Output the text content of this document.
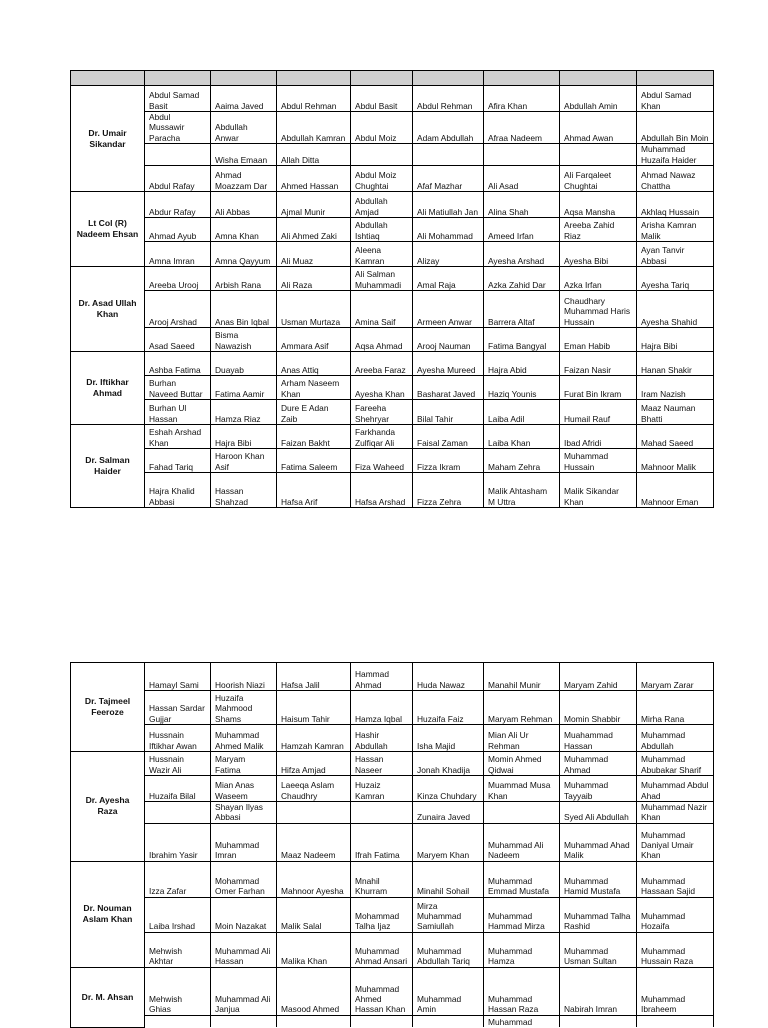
Dr. Umair Sikandar	Abdul Samad Basit	Aaima Javed	Abdul Rehman	Abdul Basit	Abdul Rehman	Afira Khan	Abdullah Amin	Abdul Samad Khan
	Abdul Mussawir Paracha	Abdullah Anwar	Abdullah Kamran	Abdul Moiz	Adam Abdullah	Afraa Nadeem	Ahmad Awan	Abdullah Bin Moin
		Wisha Emaan	Allah Ditta					Muhammad Huzaifa Haider
	Abdul Rafay	Ahmad Moazzam Dar	Ahmed Hassan	Abdul Moiz Chughtai	Afaf Mazhar	Ali Asad	Ali Farqaleet Chughtai	Ahmad Nawaz Chattha
Lt Col (R) Nadeem Ehsan	Abdur Rafay	Ali Abbas	Ajmal Munir	Abdullah Amjad	Ali Matiullah Jan	Alina Shah	Aqsa Mansha	Akhlaq Hussain
	Ahmad Ayub	Amna Khan	Ali Ahmed Zaki	Abdullah Ishtiaq	Ali Mohammad	Ameed Irfan	Areeba Zahid Riaz	Arisha Kamran Malik
	Amna Imran	Amna Qayyum	Ali Muaz	Aleena Kamran	Alizay	Ayesha Arshad	Ayesha Bibi	Ayan Tanvir Abbasi
Dr. Asad Ullah Khan	Areeba Urooj	Arbish Rana	Ali Raza	Ali Salman Muhammadi	Amal Raja	Azka Zahid Dar	Azka Irfan	Ayesha Tariq
	Arooj Arshad	Anas Bin Iqbal	Usman Murtaza	Amina Saif	Armeen Anwar	Barrera Altaf	Chaudhary Muhammad Haris Hussain	Ayesha Shahid
	Asad Saeed	Bisma Nawazish	Ammara Asif	Aqsa Ahmad	Arooj Nauman	Fatima Bangyal	Eman Habib	Hajra Bibi
Dr. Iftikhar Ahmad	Ashba Fatima	Duayab	Anas Attiq	Areeba Faraz	Ayesha Mureed	Hajra Abid	Faizan Nasir	Hanan Shakir
	Burhan Naveed Buttar	Fatima Aamir	Arham Naseem Khan	Ayesha Khan	Basharat Javed	Haziq Younis	Furat Bin Ikram	Iram Nazish
	Burhan Ul Hassan	Hamza Riaz	Dure E Adan Zaib	Fareeha Shehryar	Bilal Tahir	Laiba Adil	Humail Rauf	Maaz Nauman Bhatti
Dr. Salman Haider	Eshah Arshad Khan	Hajra Bibi	Faizan Bakht	Farkhanda Zulfiqar Ali	Faisal Zaman	Laiba Khan	Ibad Afridi	Mahad Saeed
	Fahad Tariq	Haroon Khan Asif	Fatima Saleem	Fiza Waheed	Fizza Ikram	Maham Zehra	Muhammad Hussain	Mahnoor Malik
	Hajra Khalid Abbasi	Hassan Shahzad	Hafsa Arif	Hafsa Arshad	Fizza Zehra	Malik Ahtasham M Uttra	Malik Sikandar Khan	Mahnoor Eman
Dr. Tajmeel Feeroze	Hamayl Sami	Hoorish Niazi	Hafsa Jalil	Hammad Ahmad	Huda Nawaz	Manahil Munir	Maryam Zahid	Maryam Zarar
	Hassan Sardar Gujjar	Huzaifa Mahmood Shams	Haisum Tahir	Hamza Iqbal	Huzaifa Faiz	Maryam Rehman	Momin Shabbir	Mirha Rana
	Hussnain Iftikhar Awan	Muhammad Ahmed Malik	Hamzah Kamran	Hashir Abdullah	Isha Majid	Mian Ali Ur Rehman	Muahammad Hassan	Muhammad Abdullah
Dr. Ayesha Raza	Hussnain Wazir Ali	Maryam Fatima	Hifza Amjad	Hassan Naseer	Jonah Khadija	Momin Ahmed Qidwai	Muhammad Ahmad	Muhammad Abubakar Sharif
	Huzaifa Bilal	Mian Anas Waseem	Laeeqa Aslam Chaudhry	Huzaiz Kamran	Kinza Chuhdary	Muammad Musa Khan	Muhammad Tayyaib	Muhammad Abdul Ahad
		Shayan Ilyas Abbasi			Zunaira Javed		Syed Ali Abdullah	Muhammad Nazir Khan
	Ibrahim Yasir	Muhammad Imran	Maaz Nadeem	Ifrah Fatima	Maryem Khan	Muhammad Ali Nadeem	Muhammad Ahad Malik	Muhammad Daniyal Umair Khan
Dr. Nouman Aslam Khan	Izza Zafar	Mohammad Omer Farhan	Mahnoor Ayesha	Mnahil Khurram	Minahil Sohail	Muhammad Emmad Mustafa	Muhammad Hamid Mustafa	Muhammad Hassaan Sajid
	Laiba Irshad	Moin Nazakat	Malik Salal	Mohammad Talha Ijaz	Mirza Muhammad Samiullah	Muhammad Hammad Mirza	Muhammad Talha Rashid	Muhammad Hozaifa
	Mehwish Akhtar	Muhammad Ali Hassan	Malika Khan	Muhammad Ahmad Ansari	Muhammad Abdullah Tariq	Muhammad Hamza	Muhammad Usman Sultan	Muhammad Hussain Raza
Dr. M. Ahsan	Mehwish Ghias	Muhammad Ali Janjua	Masood Ahmed	Muhammad Ahmed Hassan Khan	Muhammad Amin	Muhammad Hassan Raza	Nabirah Imran	Muhammad Ibraheem
						Muhammad		
